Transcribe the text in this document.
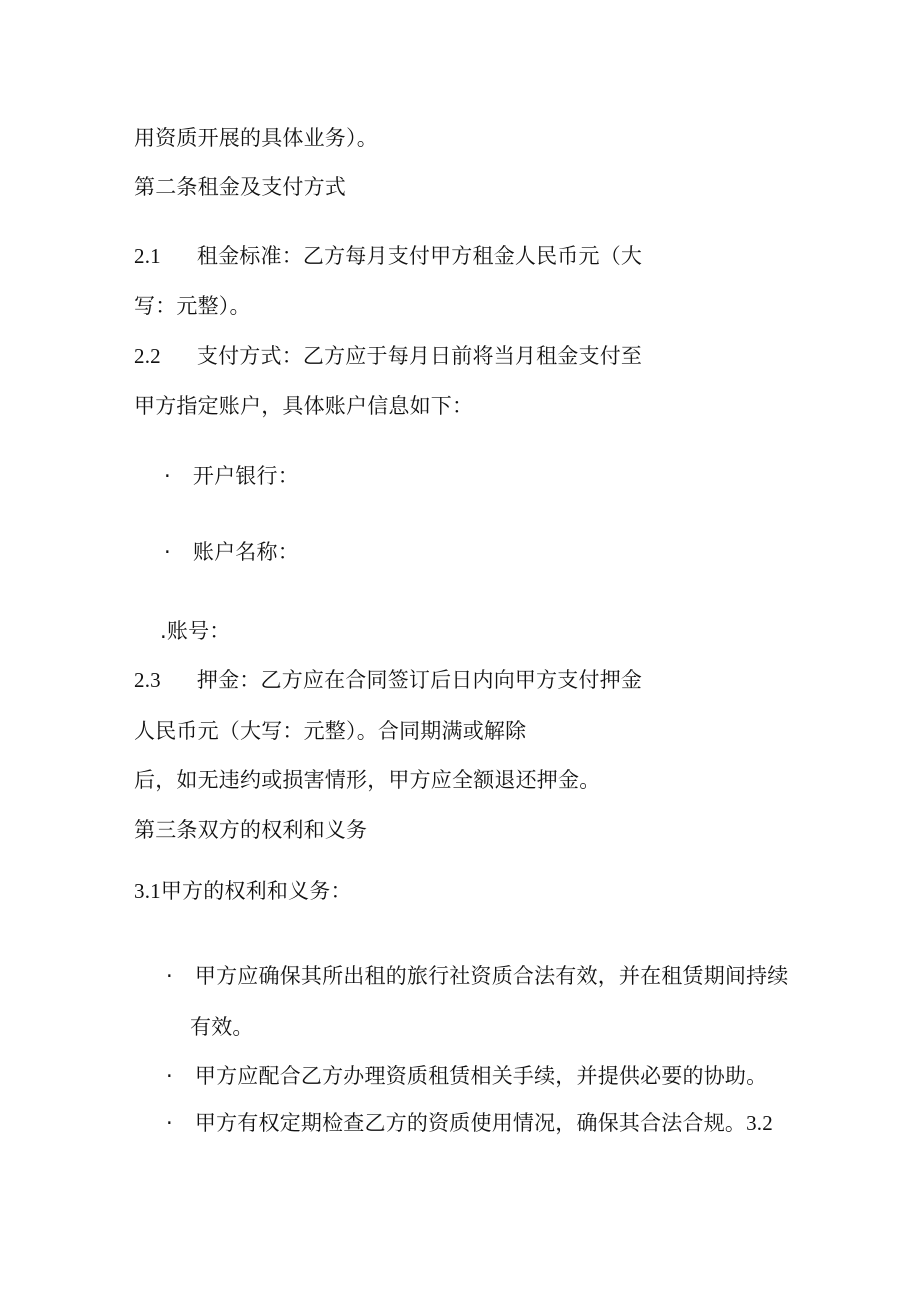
用资质开展的具体业务）。
第二条租金及支付方式
2.1 租金标准：乙方每月支付甲方租金人民币元（大
写：元整）。
2.2 支付方式：乙方应于每月日前将当月租金支付至
甲方指定账户，具体账户信息如下：
· 开户银行：
· 账户名称：
.账号：
2.3 押金：乙方应在合同签订后日内向甲方支付押金
人民币元（大写：元整）。合同期满或解除
后，如无违约或损害情形，甲方应全额退还押金。
第三条双方的权利和义务
3.1甲方的权利和义务：
· 甲方应确保其所出租的旅行社资质合法有效，并在租赁期间持续
有效。
· 甲方应配合乙方办理资质租赁相关手续，并提供必要的协助。
· 甲方有权定期检查乙方的资质使用情况，确保其合法合规。3.2
